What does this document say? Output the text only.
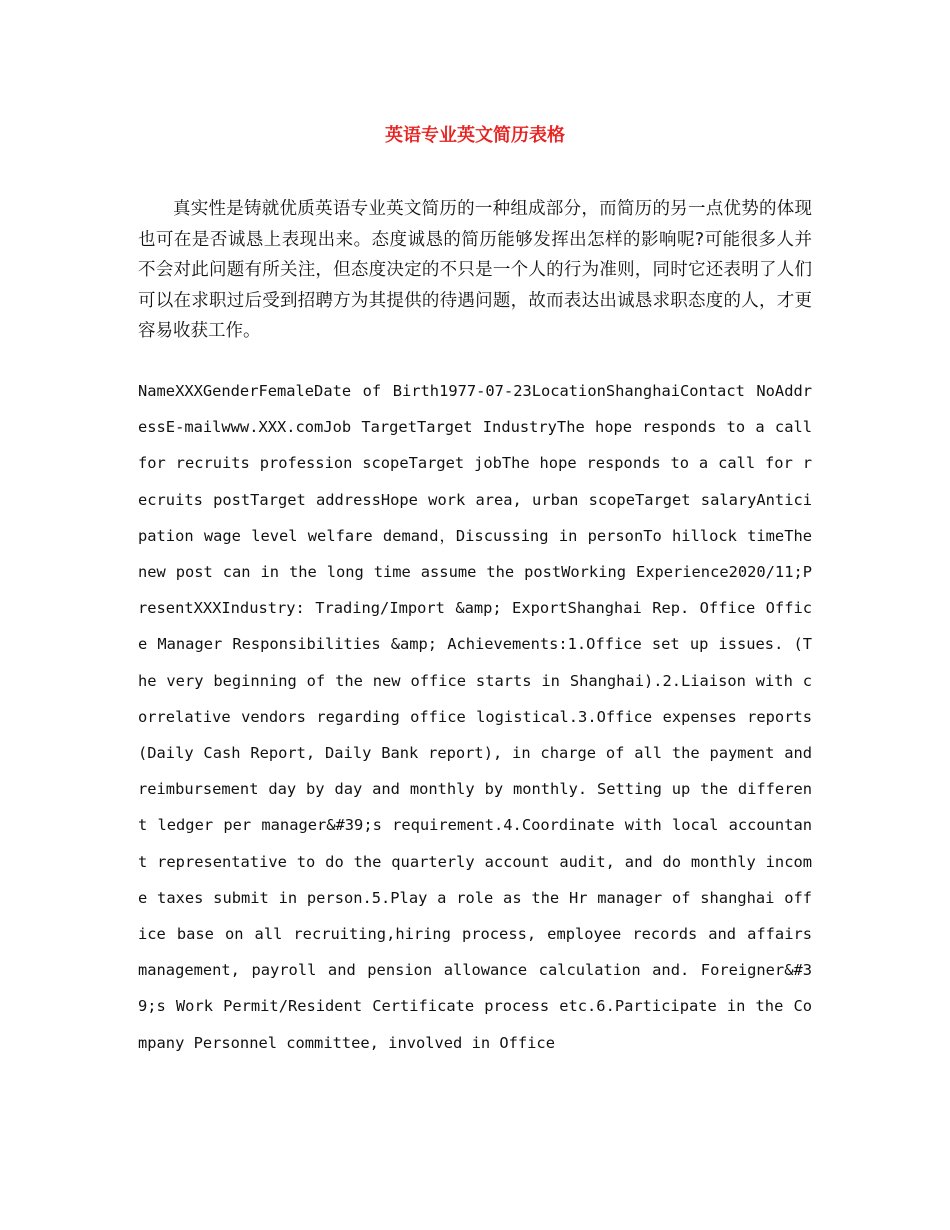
英语专业英文简历表格

真实性是铸就优质英语专业英文简历的一种组成部分，而简历的另一点优势的体现也可在是否诚恳上表现出来。态度诚恳的简历能够发挥出怎样的影响呢?可能很多人并不会对此问题有所关注，但态度决定的不只是一个人的行为准则，同时它还表明了人们可以在求职过后受到招聘方为其提供的待遇问题，故而表达出诚恳求职态度的人，才更容易收获工作。

NameXXXGenderFemaleDate of Birth1977-07-23LocationShanghaiContact NoAddressE-mailwww.XXX.comJob TargetTarget IndustryThe hope responds to a call for recruits profession scopeTarget jobThe hope responds to a call for recruits postTarget addressHope work area, urban scopeTarget salaryAnticipation wage level welfare demand，Discussing in personTo hillock timeThe new post can in the long time assume the postWorking Experience2020/11;PresentXXXIndustry: Trading/Import &amp; ExportShanghai Rep. Office Office Manager Responsibilities &amp; Achievements:1.Office set up issues. (The very beginning of the new office starts in Shanghai).2.Liaison with correlative vendors regarding office logistical.3.Office expenses reports (Daily Cash Report, Daily Bank report), in charge of all the payment and reimbursement day by day and monthly by monthly. Setting up the different ledger per manager&#39;s requirement.4.Coordinate with local accountant representative to do the quarterly account audit, and do monthly income taxes submit in person.5.Play a role as the Hr manager of shanghai office base on all recruiting,hiring process, employee records and affairs management, payroll and pension allowance calculation and. Foreigner&#39;s Work Permit/Resident Certificate process etc.6.Participate in the Company Personnel committee, involved in Office
